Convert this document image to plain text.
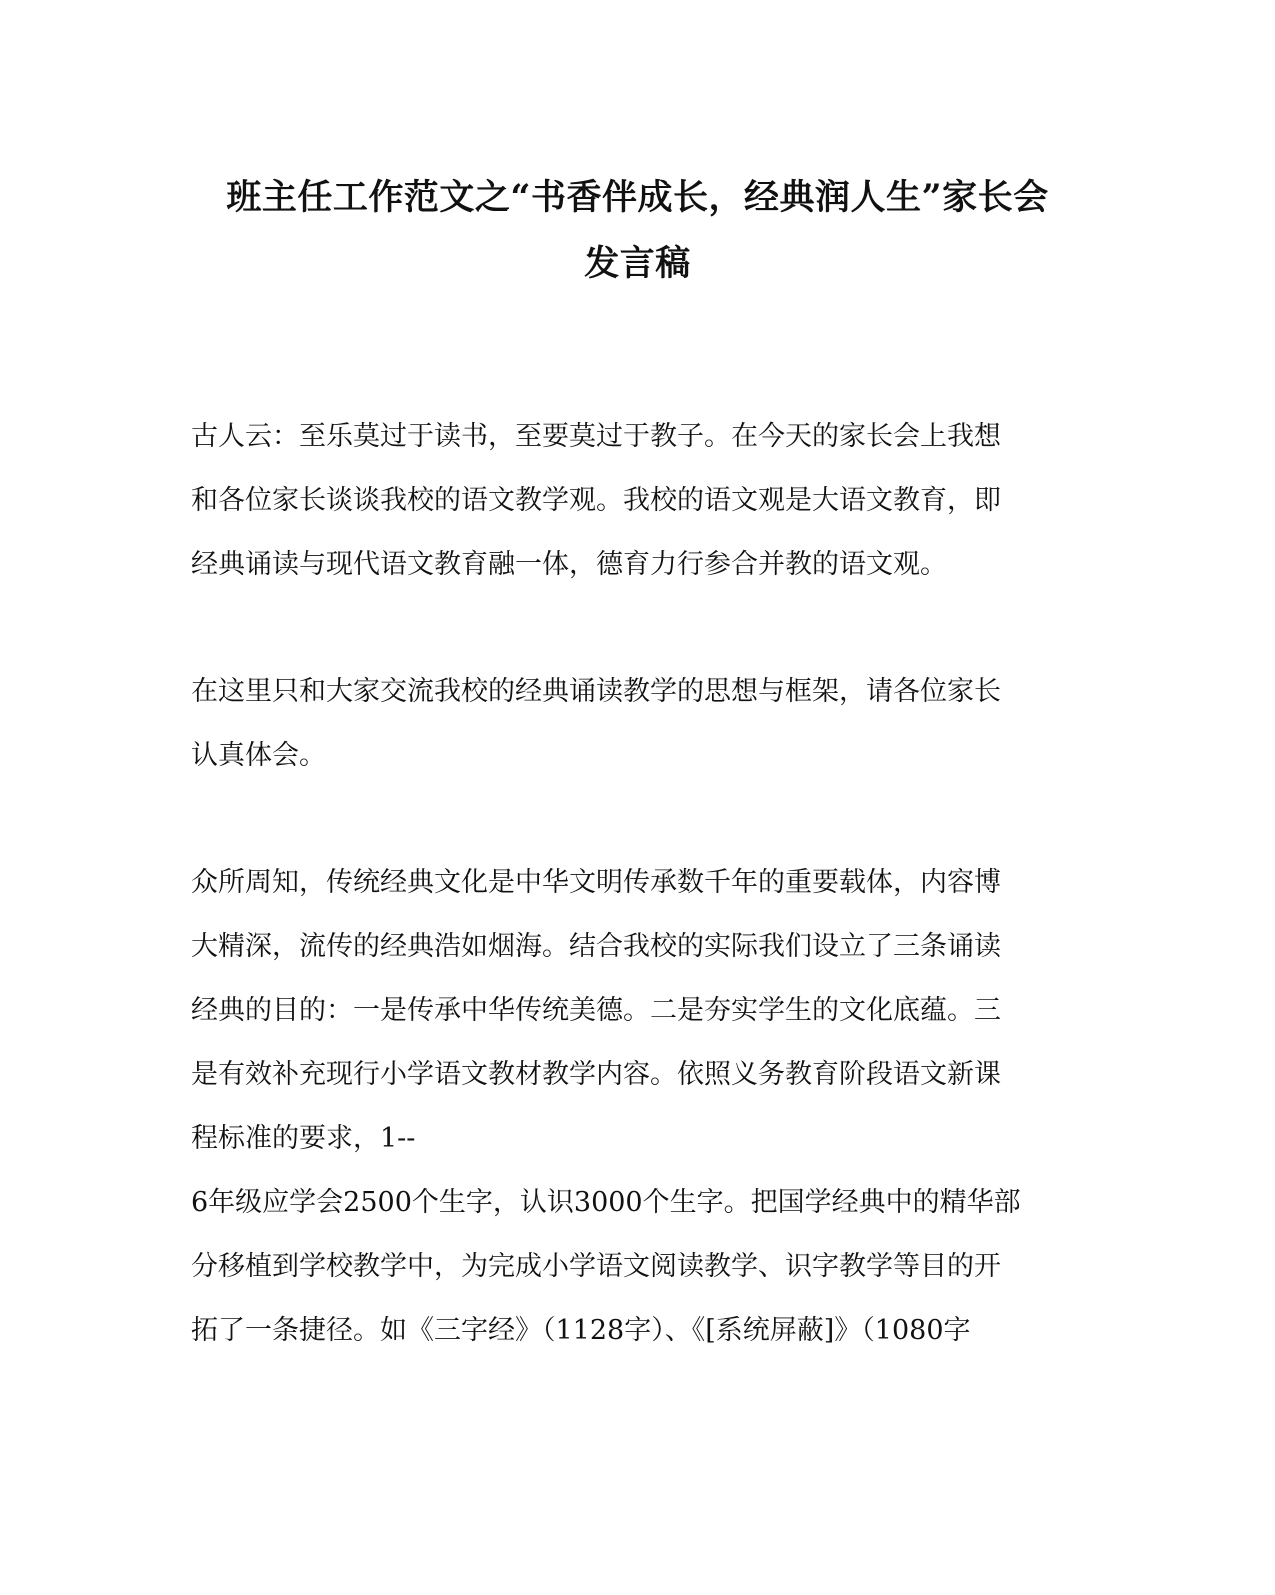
班主任工作范文之“书香伴成长，经典润人生”家长会
发言稿

古人云：至乐莫过于读书，至要莫过于教子。在今天的家长会上我想
和各位家长谈谈我校的语文教学观。我校的语文观是大语文教育，即
经典诵读与现代语文教育融一体，德育力行参合并教的语文观。

在这里只和大家交流我校的经典诵读教学的思想与框架，请各位家长
认真体会。

众所周知，传统经典文化是中华文明传承数千年的重要载体，内容博
大精深，流传的经典浩如烟海。结合我校的实际我们设立了三条诵读
经典的目的：一是传承中华传统美德。二是夯实学生的文化底蕴。三
是有效补充现行小学语文教材教学内容。依照义务教育阶段语文新课
程标准的要求，1--
6年级应学会2500个生字，认识3000个生字。把国学经典中的精华部
分移植到学校教学中，为完成小学语文阅读教学、识字教学等目的开
拓了一条捷径。如《三字经》（1128字）、《[系统屏蔽]》（1080字
